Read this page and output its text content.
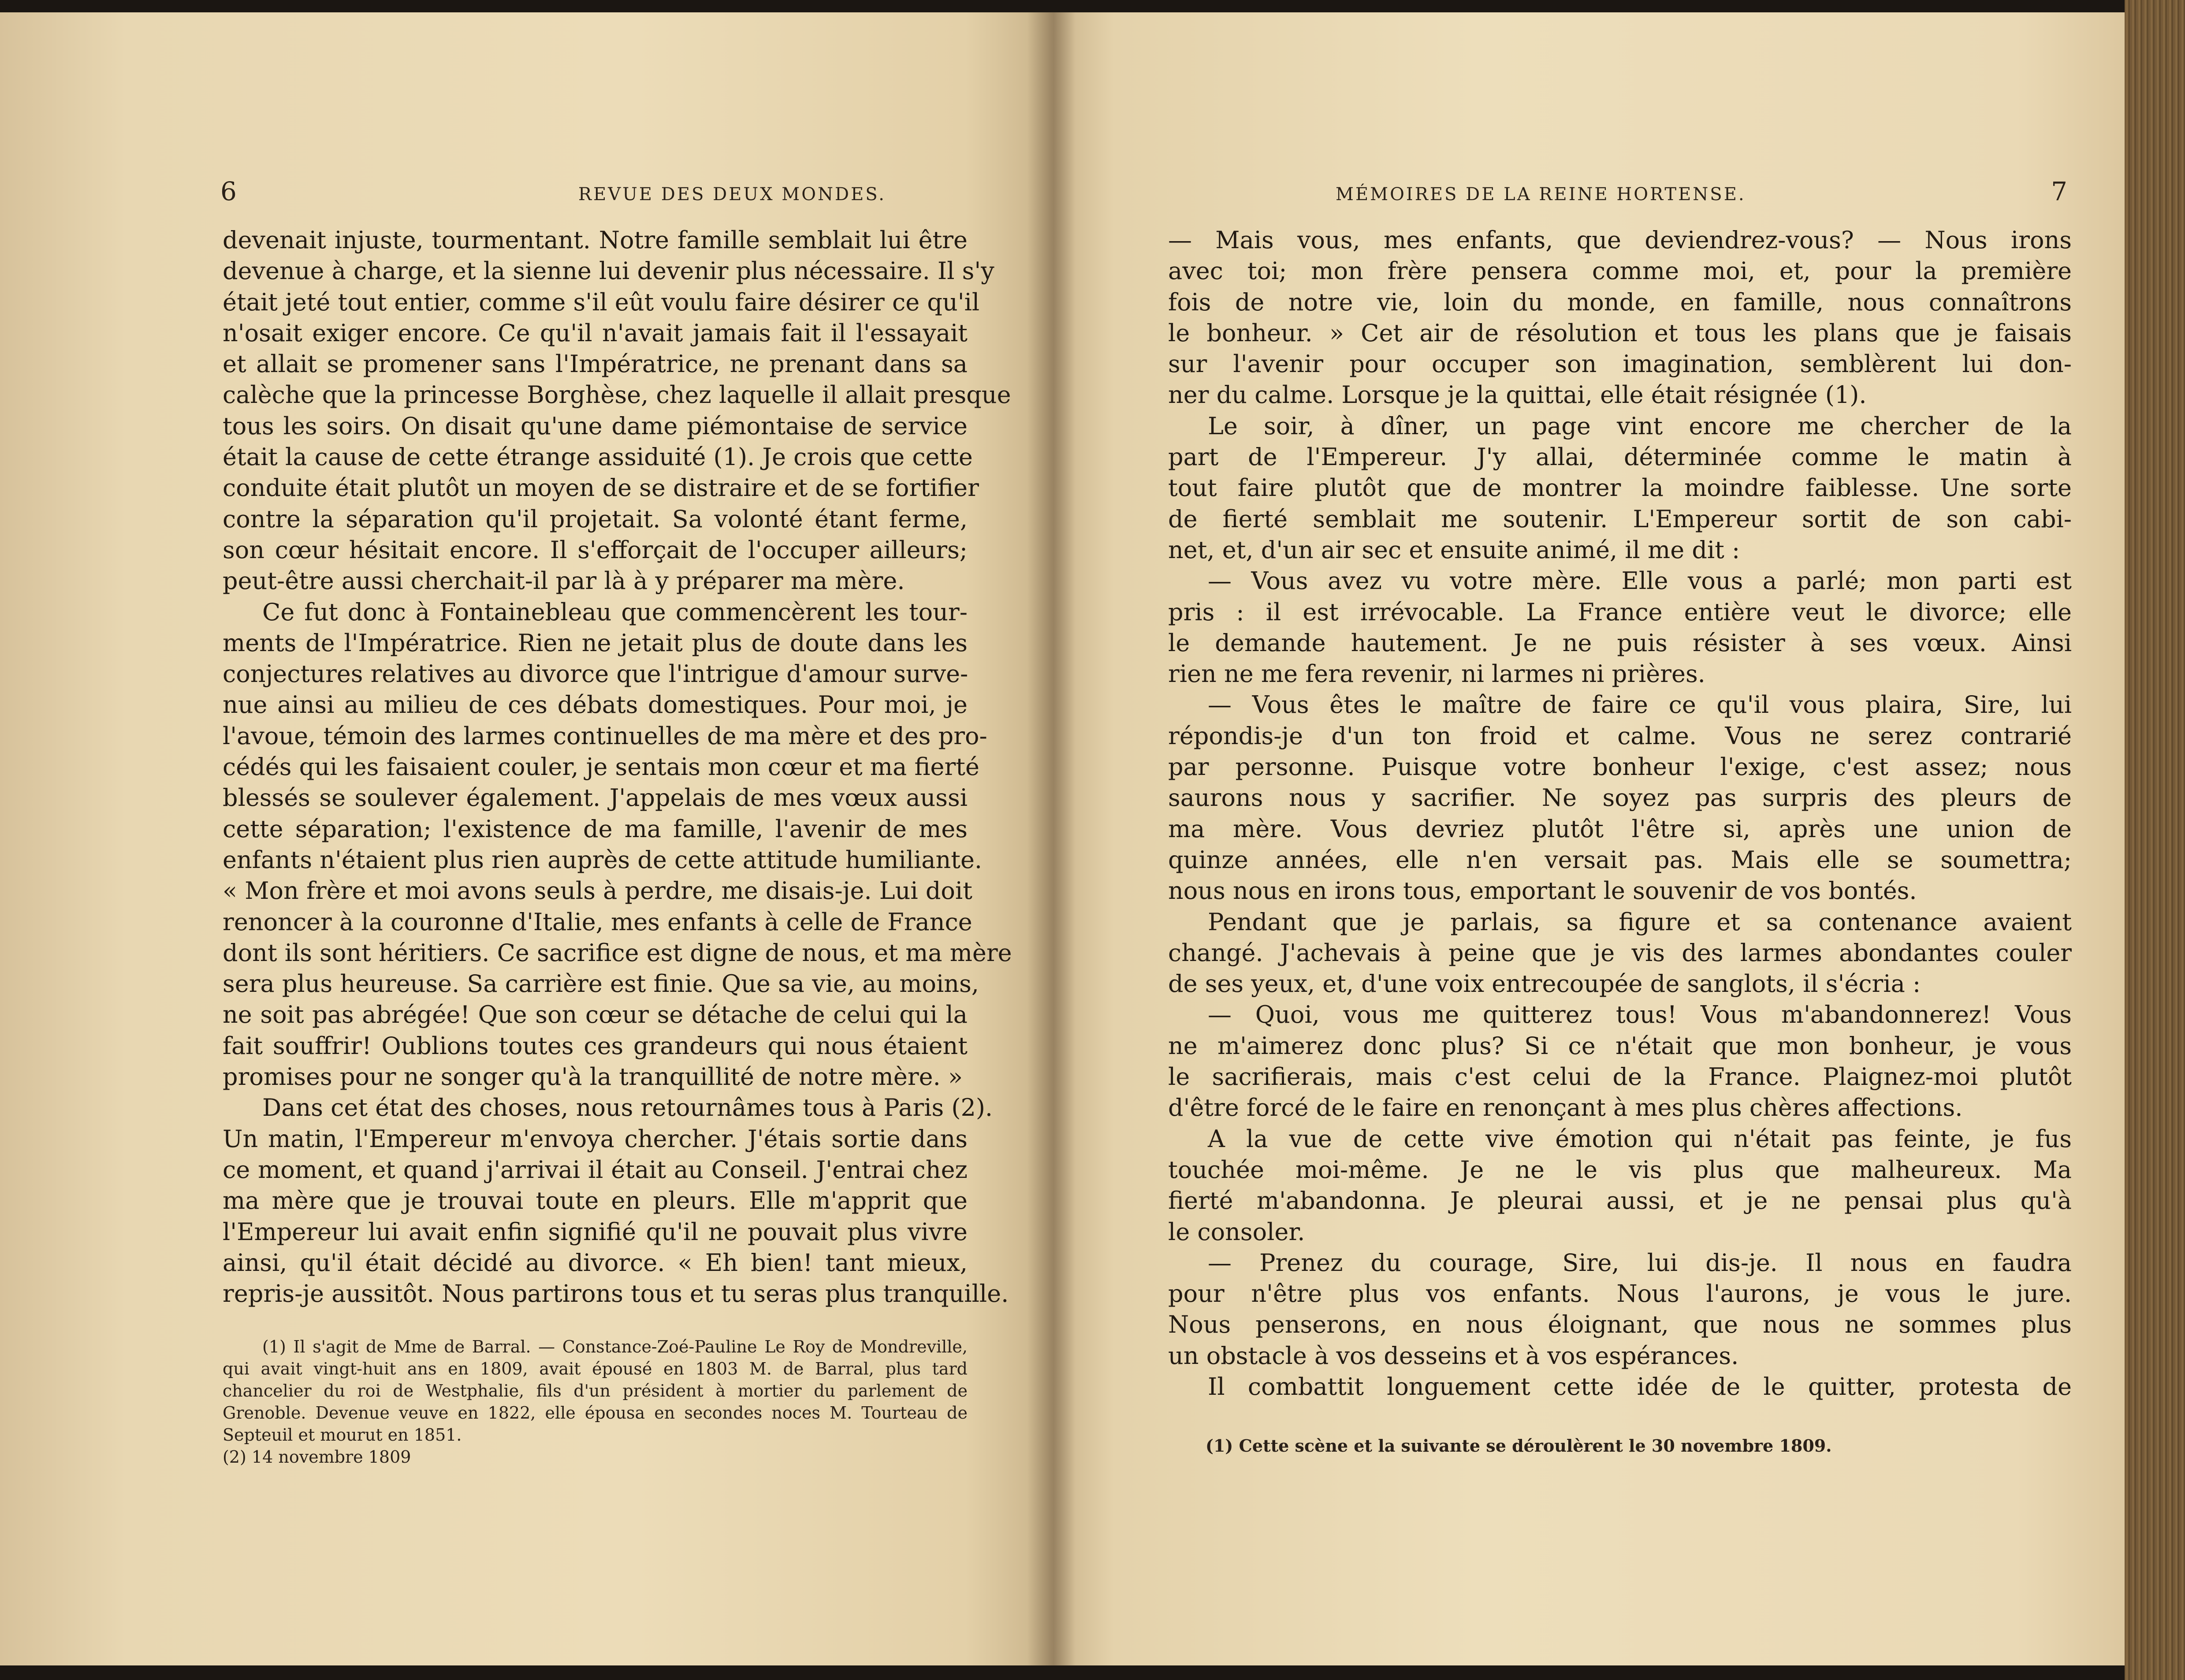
6	REVUE DES DEUX MONDES.	MÉMOIRES DE LA REINE HORTENSE.	7

devenait injuste, tourmentant. Notre famille semblait lui être

devenue à charge, et la sienne lui devenir plus nécessaire. Il s'y

était jeté tout entier, comme s'il eût voulu faire désirer ce qu'il

n'osait exiger encore. Ce qu'il n'avait jamais fait il l'essayait

et allait se promener sans l'Impératrice, ne prenant dans sa

calèche que la princesse Borghèse, chez laquelle il allait presque

tous les soirs. On disait qu'une dame piémontaise de service

était la cause de cette étrange assiduité (1). Je crois que cette

conduite était plutôt un moyen de se distraire et de se fortifier

contre la séparation qu'il projetait. Sa volonté étant ferme,

son cœur hésitait encore. Il s'efforçait de l'occuper ailleurs;

peut-être aussi cherchait-il par là à y préparer ma mère.

Ce fut donc à Fontainebleau que commencèrent les tour-

ments de l'Impératrice. Rien ne jetait plus de doute dans les

conjectures relatives au divorce que l'intrigue d'amour surve-

nue ainsi au milieu de ces débats domestiques. Pour moi, je

l'avoue, témoin des larmes continuelles de ma mère et des pro-

cédés qui les faisaient couler, je sentais mon cœur et ma fierté

blessés se soulever également. J'appelais de mes vœux aussi

cette séparation; l'existence de ma famille, l'avenir de mes

enfants n'étaient plus rien auprès de cette attitude humiliante.

« Mon frère et moi avons seuls à perdre, me disais-je. Lui doit

renoncer à la couronne d'Italie, mes enfants à celle de France

dont ils sont héritiers. Ce sacrifice est digne de nous, et ma mère

sera plus heureuse. Sa carrière est finie. Que sa vie, au moins,

ne soit pas abrégée! Que son cœur se détache de celui qui la

fait souffrir! Oublions toutes ces grandeurs qui nous étaient

promises pour ne songer qu'à la tranquillité de notre mère. »

Dans cet état des choses, nous retournâmes tous à Paris (2).

Un matin, l'Empereur m'envoya chercher. J'étais sortie dans

ce moment, et quand j'arrivai il était au Conseil. J'entrai chez

ma mère que je trouvai toute en pleurs. Elle m'apprit que

l'Empereur lui avait enfin signifié qu'il ne pouvait plus vivre

ainsi, qu'il était décidé au divorce. « Eh bien! tant mieux,

repris-je aussitôt. Nous partirons tous et tu seras plus tranquille.

— Mais vous, mes enfants, que deviendrez-vous? — Nous irons

avec toi; mon frère pensera comme moi, et, pour la première

fois de notre vie, loin du monde, en famille, nous connaîtrons

le bonheur. » Cet air de résolution et tous les plans que je faisais

sur l'avenir pour occuper son imagination, semblèrent lui don-

ner du calme. Lorsque je la quittai, elle était résignée (1).

Le soir, à dîner, un page vint encore me chercher de la

part de l'Empereur. J'y allai, déterminée comme le matin à

tout faire plutôt que de montrer la moindre faiblesse. Une sorte

de fierté semblait me soutenir. L'Empereur sortit de son cabi-

net, et, d'un air sec et ensuite animé, il me dit :

— Vous avez vu votre mère. Elle vous a parlé; mon parti est

pris : il est irrévocable. La France entière veut le divorce; elle

le demande hautement. Je ne puis résister à ses vœux. Ainsi

rien ne me fera revenir, ni larmes ni prières.

— Vous êtes le maître de faire ce qu'il vous plaira, Sire, lui

répondis-je d'un ton froid et calme. Vous ne serez contrarié

par personne. Puisque votre bonheur l'exige, c'est assez; nous

saurons nous y sacrifier. Ne soyez pas surpris des pleurs de

ma mère. Vous devriez plutôt l'être si, après une union de

quinze années, elle n'en versait pas. Mais elle se soumettra;

nous nous en irons tous, emportant le souvenir de vos bontés.

Pendant que je parlais, sa figure et sa contenance avaient

changé. J'achevais à peine que je vis des larmes abondantes couler

de ses yeux, et, d'une voix entrecoupée de sanglots, il s'écria :

— Quoi, vous me quitterez tous! Vous m'abandonnerez! Vous

ne m'aimerez donc plus? Si ce n'était que mon bonheur, je vous

le sacrifierais, mais c'est celui de la France. Plaignez-moi plutôt

d'être forcé de le faire en renonçant à mes plus chères affections.

A la vue de cette vive émotion qui n'était pas feinte, je fus

touchée moi-même. Je ne le vis plus que malheureux. Ma

fierté m'abandonna. Je pleurai aussi, et je ne pensai plus qu'à

le consoler.

— Prenez du courage, Sire, lui dis-je. Il nous en faudra

pour n'être plus vos enfants. Nous l'aurons, je vous le jure.

Nous penserons, en nous éloignant, que nous ne sommes plus

un obstacle à vos desseins et à vos espérances.

Il combattit longuement cette idée de le quitter, protesta de

(1) Il s'agit de Mme de Barral. — Constance-Zoé-Pauline Le Roy de Mondreville,

qui avait vingt-huit ans en 1809, avait épousé en 1803 M. de Barral, plus tard

chancelier du roi de Westphalie, fils d'un président à mortier du parlement de

Grenoble. Devenue veuve en 1822, elle épousa en secondes noces M. Tourteau de

Septeuil et mourut en 1851.

(2) 14 novembre 1809

(1) Cette scène et la suivante se déroulèrent le 30 novembre 1809.
